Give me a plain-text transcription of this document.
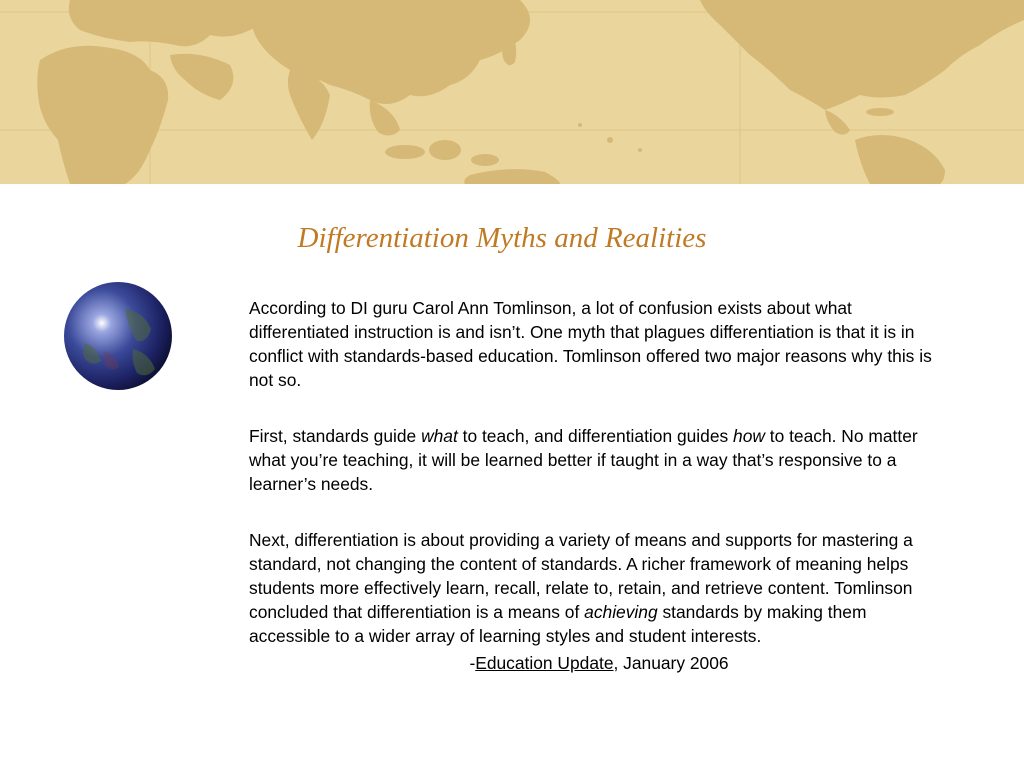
Differentiation Myths and Realities

According to DI guru Carol Ann Tomlinson, a lot of confusion exists about what differentiated instruction is and isn’t. One myth that plagues differentiation is that it is in conflict with standards-based education. Tomlinson offered two major reasons why this is not so.

First, standards guide what to teach, and differentiation guides how to teach. No matter what you’re teaching, it will be learned better if taught in a way that’s responsive to a learner’s needs.

Next, differentiation is about providing a variety of means and supports for mastering a standard, not changing the content of standards. A richer framework of meaning helps students more effectively learn, recall, relate to, retain, and retrieve content. Tomlinson concluded that differentiation is a means of achieving standards by making them accessible to a wider array of learning styles and student interests.

-Education Update, January 2006
